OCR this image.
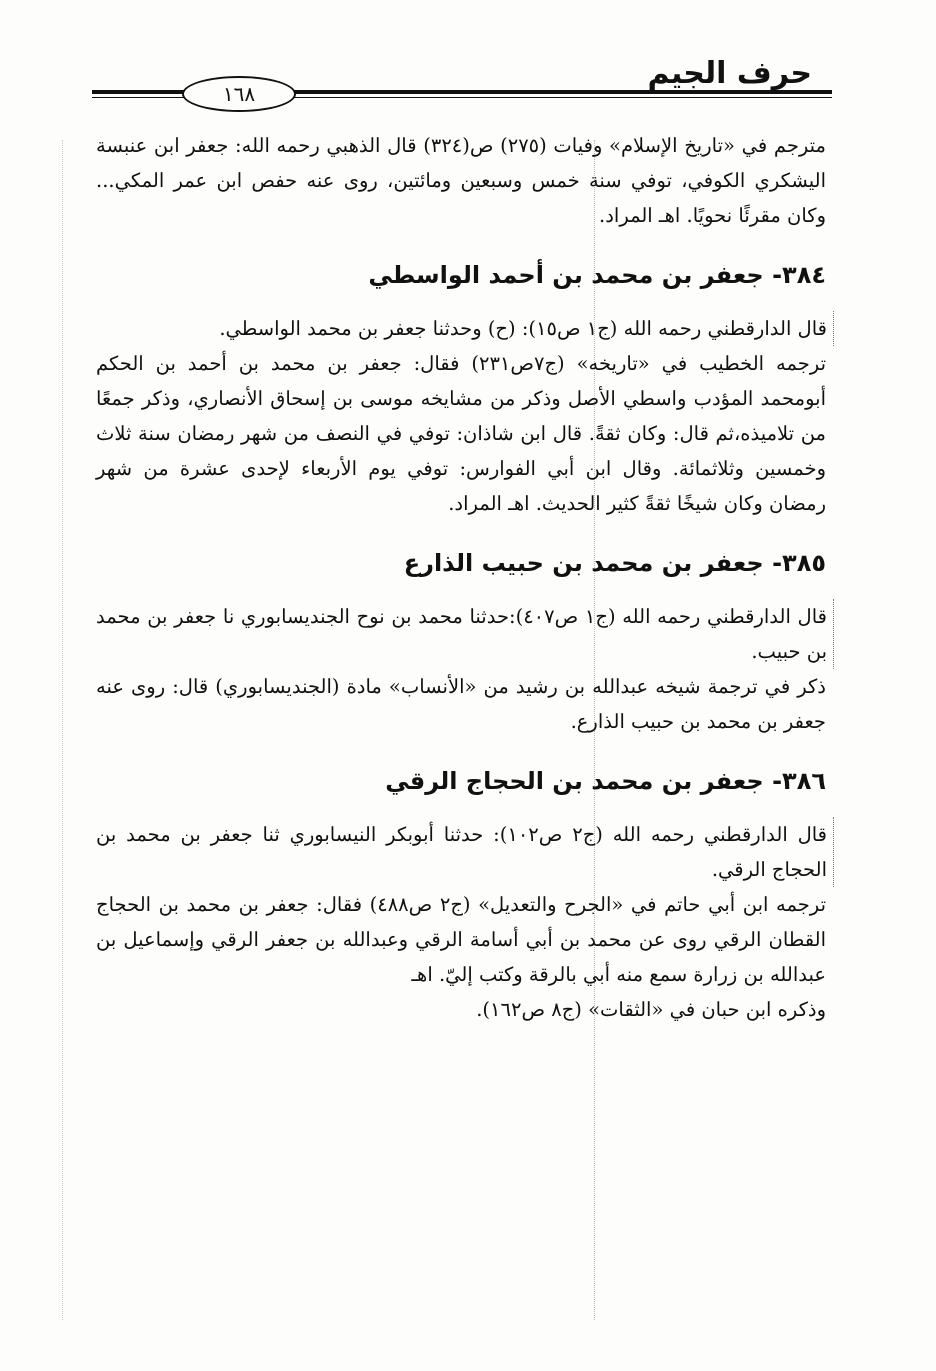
حرف الجيم
١٦٨

مترجم في «تاريخ الإسلام» وفيات (٢٧٥) ص(٣٢٤) قال الذهبي رحمه الله: جعفر ابن عنبسة اليشكري الكوفي، توفي سنة خمس وسبعين ومائتين، روى عنه حفص ابن عمر المكي... وكان مقرئًا نحويًا. اهـ المراد.

٣٨٤- جعفر بن محمد بن أحمد الواسطي

قال الدارقطني رحمه الله (ج١ ص١٥): (ح) وحدثنا جعفر بن محمد الواسطي.

ترجمه الخطيب في «تاريخه» (ج٧ص٢٣١) فقال: جعفر بن محمد بن أحمد بن الحكم أبومحمد المؤدب واسطي الأصل وذكر من مشايخه موسى بن إسحاق الأنصاري، وذكر جمعًا من تلاميذه،ثم قال: وكان ثقةً. قال ابن شاذان: توفي في النصف من شهر رمضان سنة ثلاث وخمسين وثلاثمائة. وقال ابن أبي الفوارس: توفي يوم الأربعاء لإحدى عشرة من شهر رمضان وكان شيخًا ثقةً كثير الحديث. اهـ المراد.

٣٨٥- جعفر بن محمد بن حبيب الذارع

قال الدارقطني رحمه الله (ج١ ص٤٠٧):حدثنا محمد بن نوح الجنديسابوري نا جعفر بن محمد بن حبيب.

ذكر في ترجمة شيخه عبدالله بن رشيد من «الأنساب» مادة (الجنديسابوري) قال: روى عنه جعفر بن محمد بن حبيب الذارع.

٣٨٦- جعفر بن محمد بن الحجاج الرقي

قال الدارقطني رحمه الله (ج٢ ص١٠٢): حدثنا أبوبكر النيسابوري ثنا جعفر بن محمد بن الحجاج الرقي.

ترجمه ابن أبي حاتم في «الجرح والتعديل» (ج٢ ص٤٨٨) فقال: جعفر بن محمد بن الحجاج القطان الرقي روى عن محمد بن أبي أسامة الرقي وعبدالله بن جعفر الرقي وإسماعيل بن عبدالله بن زرارة سمع منه أبي بالرقة وكتب إليّ. اهـ

وذكره ابن حبان في «الثقات» (ج٨ ص١٦٢).
